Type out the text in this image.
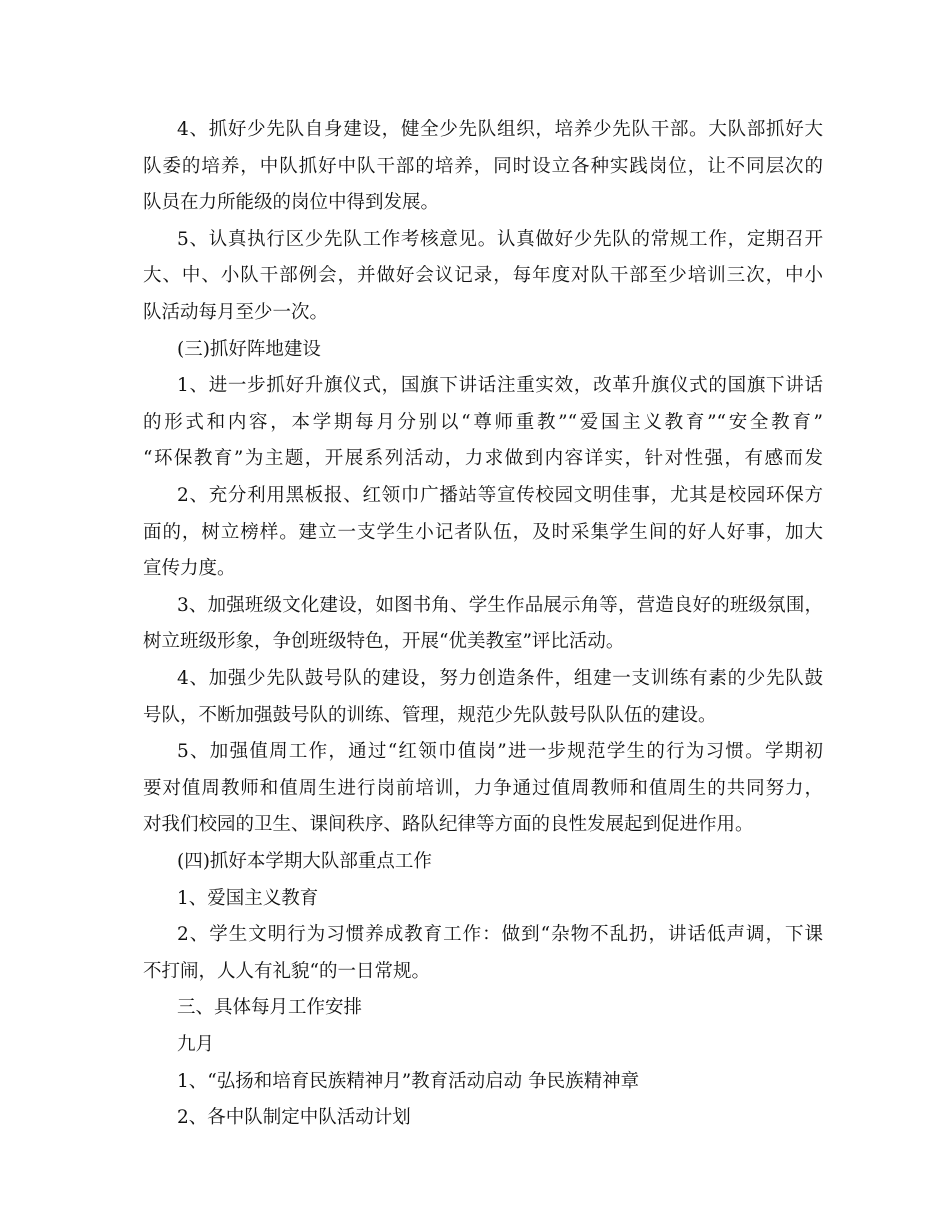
4、抓好少先队自身建设，健全少先队组织，培养少先队干部。大队部抓好大
队委的培养，中队抓好中队干部的培养，同时设立各种实践岗位，让不同层次的
队员在力所能级的岗位中得到发展。
5、认真执行区少先队工作考核意见。认真做好少先队的常规工作，定期召开
大、中、小队干部例会，并做好会议记录，每年度对队干部至少培训三次，中小
队活动每月至少一次。
(三)抓好阵地建设
1、进一步抓好升旗仪式，国旗下讲话注重实效，改革升旗仪式的国旗下讲话
的形式和内容，本学期每月分别以“尊师重教”“爱国主义教育”“安全教育”
“环保教育”为主题，开展系列活动，力求做到内容详实，针对性强，有感而发
2、充分利用黑板报、红领巾广播站等宣传校园文明佳事，尤其是校园环保方
面的，树立榜样。建立一支学生小记者队伍，及时采集学生间的好人好事，加大
宣传力度。
3、加强班级文化建设，如图书角、学生作品展示角等，营造良好的班级氛围，
树立班级形象，争创班级特色，开展“优美教室”评比活动。
4、加强少先队鼓号队的建设，努力创造条件，组建一支训练有素的少先队鼓
号队，不断加强鼓号队的训练、管理，规范少先队鼓号队队伍的建设。
5、加强值周工作，通过“红领巾值岗”进一步规范学生的行为习惯。学期初
要对值周教师和值周生进行岗前培训，力争通过值周教师和值周生的共同努力，
对我们校园的卫生、课间秩序、路队纪律等方面的良性发展起到促进作用。
(四)抓好本学期大队部重点工作
1、爱国主义教育
2、学生文明行为习惯养成教育工作：做到“杂物不乱扔，讲话低声调，下课
不打闹，人人有礼貌“的一日常规。
三、具体每月工作安排
九月
1、“弘扬和培育民族精神月”教育活动启动 争民族精神章
2、各中队制定中队活动计划
